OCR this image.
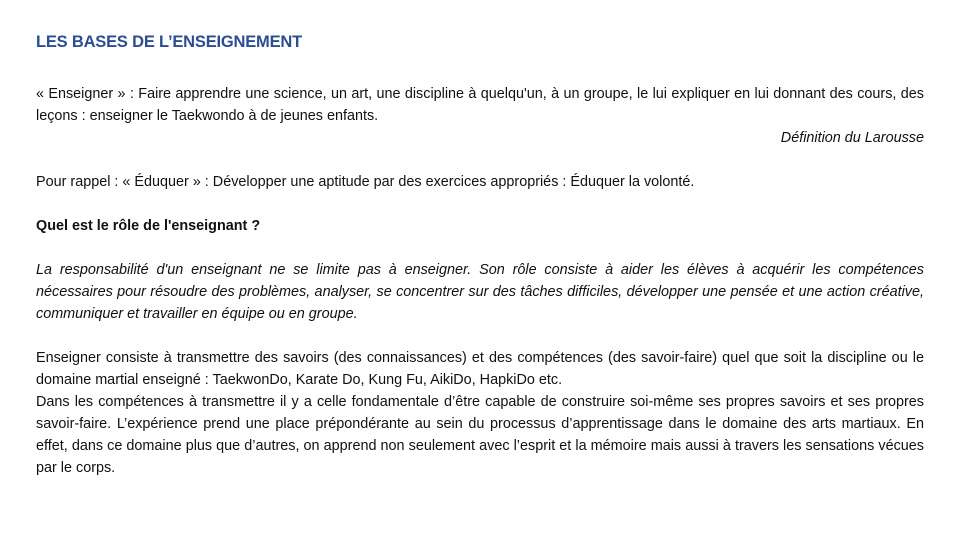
LES BASES DE L’ENSEIGNEMENT

« Enseigner » : Faire apprendre une science, un art, une discipline à quelqu'un, à un groupe, le lui expliquer en lui donnant des cours, des leçons : enseigner le Taekwondo à de jeunes enfants.

Définition du Larousse

Pour rappel : « Éduquer » : Développer une aptitude par des exercices appropriés : Éduquer la volonté.

Quel est le rôle de l'enseignant ?

La responsabilité d'un enseignant ne se limite pas à enseigner. Son rôle consiste à aider les élèves à acquérir les compétences nécessaires pour résoudre des problèmes, analyser, se concentrer sur des tâches difficiles, développer une pensée et une action créative, communiquer et travailler en équipe ou en groupe.

Enseigner consiste à transmettre des savoirs (des connaissances) et des compétences (des savoir-faire) quel que soit la discipline ou le domaine martial enseigné : TaekwonDo, Karate Do, Kung Fu, AikiDo, HapkiDo etc.

Dans les compétences à transmettre il y a celle fondamentale d’être capable de construire soi-même ses propres savoirs et ses propres savoir-faire. L’expérience prend une place prépondérante au sein du processus d’apprentissage dans le domaine des arts martiaux. En effet, dans ce domaine plus que d’autres, on apprend non seulement avec l’esprit et la mémoire mais aussi à travers les sensations vécues par le corps.
